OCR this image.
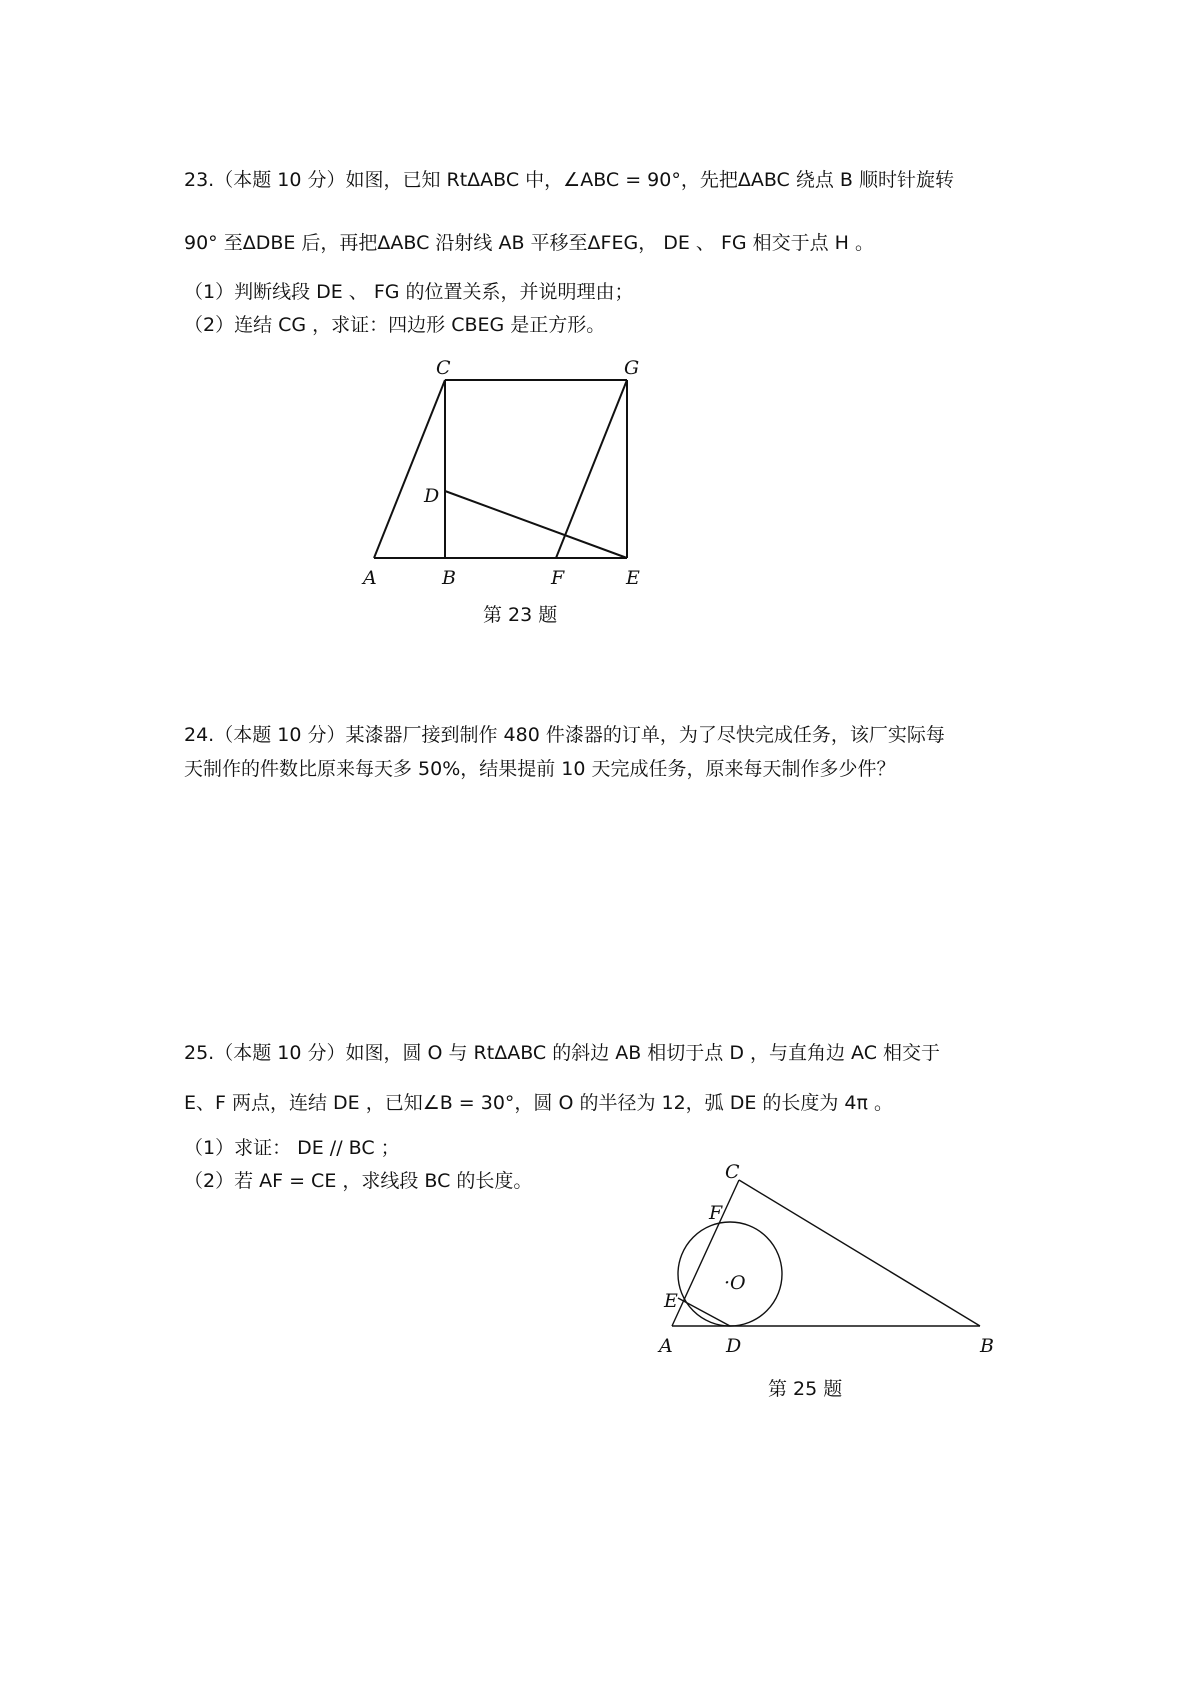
23.（本题 10 分）如图，已知 RtΔABC 中，∠ABC = 90°，先把ΔABC 绕点 B 顺时针旋转
90° 至ΔDBE 后，再把ΔABC 沿射线 AB 平移至ΔFEG， DE 、 FG 相交于点 H 。
（1）判断线段 DE 、 FG 的位置关系，并说明理由；
（2）连结 CG ，求证：四边形 CBEG 是正方形。
C	G
D
A	B	F	E
C
F
·O
E
A	D	B
第 23 题
24.（本题 10 分）某漆器厂接到制作 480 件漆器的订单，为了尽快完成任务，该厂实际每
天制作的件数比原来每天多 50%，结果提前 10 天完成任务，原来每天制作多少件？
25.（本题 10 分）如图，圆 O 与 RtΔABC 的斜边 AB 相切于点 D ，与直角边 AC 相交于
E、F 两点，连结 DE ，已知∠B = 30°，圆 O 的半径为 12，弧 DE 的长度为 4π 。
（1）求证： DE // BC ；
（2）若 AF = CE ，求线段 BC 的长度。
第 25 题
